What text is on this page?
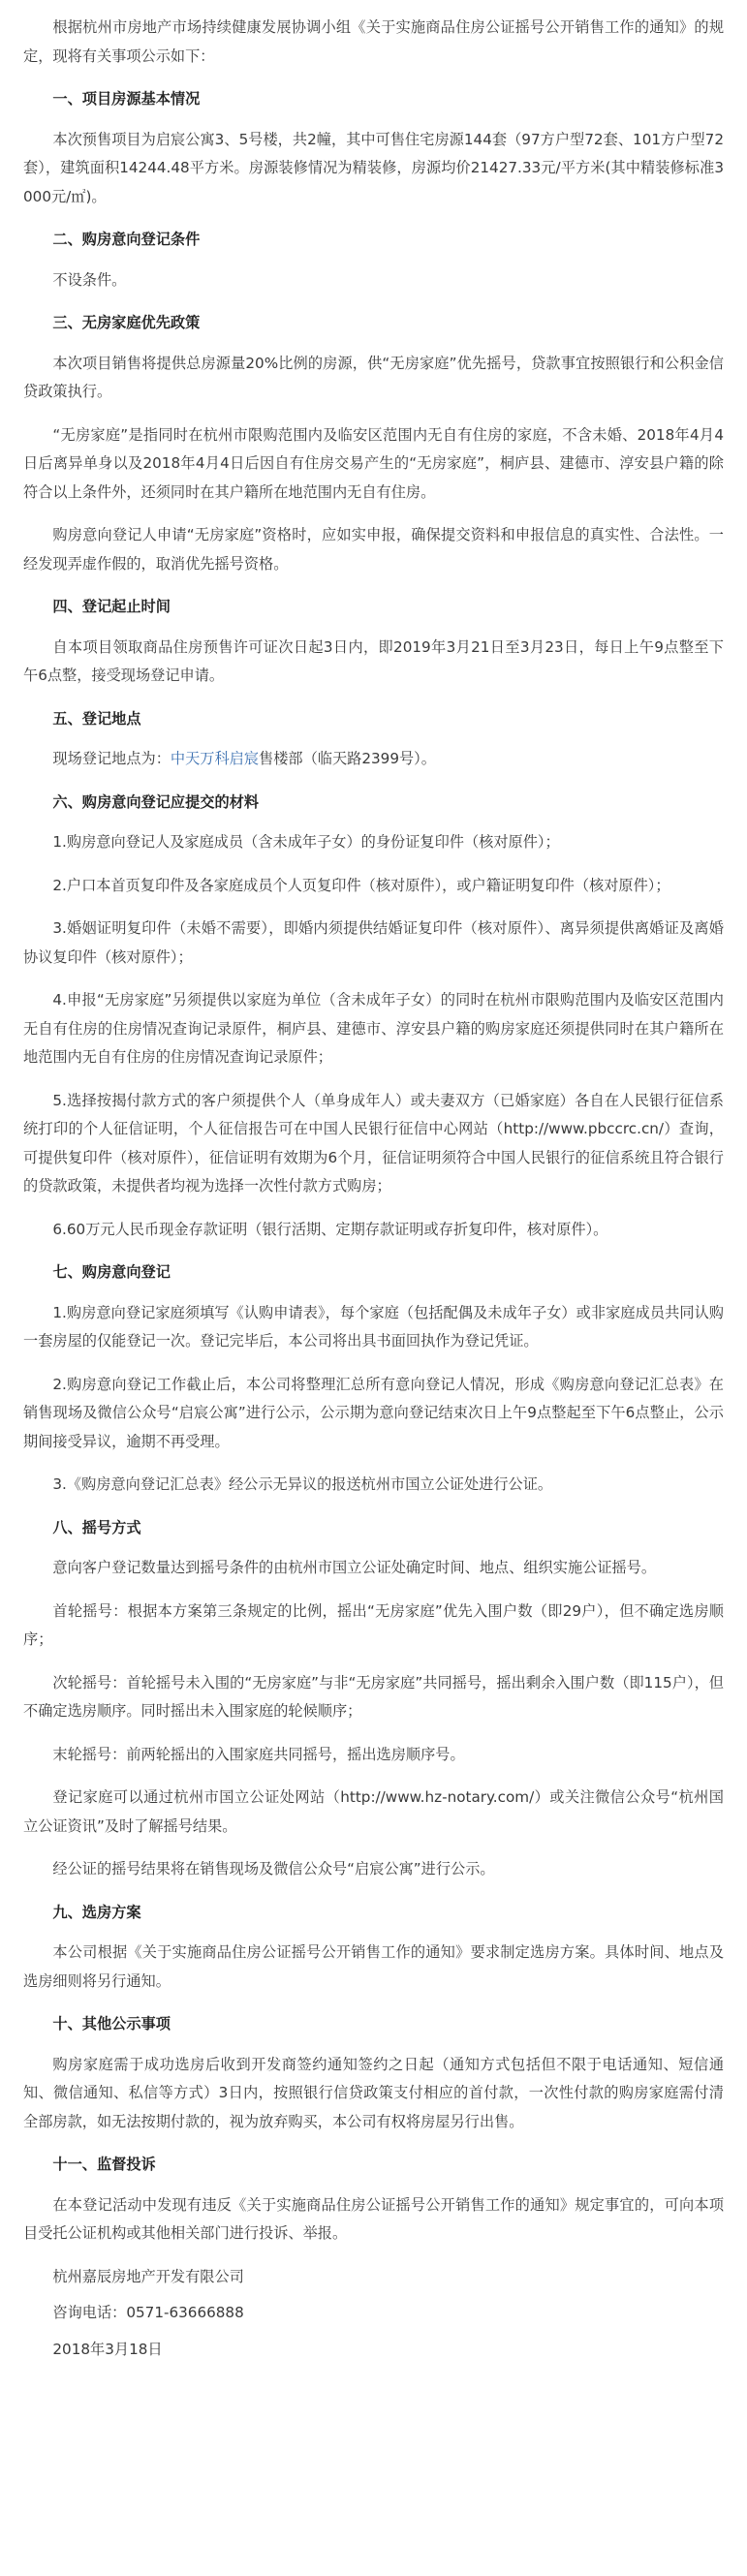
根据杭州市房地产市场持续健康发展协调小组《关于实施商品住房公证摇号公开销售工作的通知》的规定，现将有关事项公示如下：

一、项目房源基本情况

本次预售项目为启宸公寓3、5号楼，共2幢，其中可售住宅房源144套（97方户型72套、101方户型72套），建筑面积14244.48平方米。房源装修情况为精装修，房源均价21427.33元/平方米(其中精装修标准3000元/㎡)。

二、购房意向登记条件

不设条件。

三、无房家庭优先政策

本次项目销售将提供总房源量20%比例的房源，供“无房家庭”优先摇号，贷款事宜按照银行和公积金信贷政策执行。

“无房家庭”是指同时在杭州市限购范围内及临安区范围内无自有住房的家庭，不含未婚、2018年4月4日后离异单身以及2018年4月4日后因自有住房交易产生的“无房家庭”，桐庐县、建德市、淳安县户籍的除符合以上条件外，还须同时在其户籍所在地范围内无自有住房。

购房意向登记人申请“无房家庭”资格时，应如实申报，确保提交资料和申报信息的真实性、合法性。一经发现弄虚作假的，取消优先摇号资格。

四、登记起止时间

自本项目领取商品住房预售许可证次日起3日内，即2019年3月21日至3月23日，每日上午9点整至下午6点整，接受现场登记申请。

五、登记地点

现场登记地点为：中天万科启宸售楼部（临天路2399号）。

六、购房意向登记应提交的材料

1.购房意向登记人及家庭成员（含未成年子女）的身份证复印件（核对原件）；

2.户口本首页复印件及各家庭成员个人页复印件（核对原件），或户籍证明复印件（核对原件）；

3.婚姻证明复印件（未婚不需要），即婚内须提供结婚证复印件（核对原件）、离异须提供离婚证及离婚协议复印件（核对原件）；

4.申报“无房家庭”另须提供以家庭为单位（含未成年子女）的同时在杭州市限购范围内及临安区范围内无自有住房的住房情况查询记录原件，桐庐县、建德市、淳安县户籍的购房家庭还须提供同时在其户籍所在地范围内无自有住房的住房情况查询记录原件；

5.选择按揭付款方式的客户须提供个人（单身成年人）或夫妻双方（已婚家庭）各自在人民银行征信系统打印的个人征信证明，个人征信报告可在中国人民银行征信中心网站（http://www.pbccrc.cn/）查询，可提供复印件（核对原件），征信证明有效期为6个月，征信证明须符合中国人民银行的征信系统且符合银行的贷款政策，未提供者均视为选择一次性付款方式购房；

6.60万元人民币现金存款证明（银行活期、定期存款证明或存折复印件，核对原件）。

七、购房意向登记

1.购房意向登记家庭须填写《认购申请表》，每个家庭（包括配偶及未成年子女）或非家庭成员共同认购一套房屋的仅能登记一次。登记完毕后，本公司将出具书面回执作为登记凭证。

2.购房意向登记工作截止后，本公司将整理汇总所有意向登记人情况，形成《购房意向登记汇总表》在销售现场及微信公众号“启宸公寓”进行公示，公示期为意向登记结束次日上午9点整起至下午6点整止，公示期间接受异议，逾期不再受理。

3.《购房意向登记汇总表》经公示无异议的报送杭州市国立公证处进行公证。

八、摇号方式

意向客户登记数量达到摇号条件的由杭州市国立公证处确定时间、地点、组织实施公证摇号。

首轮摇号：根据本方案第三条规定的比例，摇出“无房家庭”优先入围户数（即29户），但不确定选房顺序；

次轮摇号：首轮摇号未入围的“无房家庭”与非“无房家庭”共同摇号，摇出剩余入围户数（即115户），但不确定选房顺序。同时摇出未入围家庭的轮候顺序；

末轮摇号：前两轮摇出的入围家庭共同摇号，摇出选房顺序号。

登记家庭可以通过杭州市国立公证处网站（http://www.hz-notary.com/）或关注微信公众号“杭州国立公证资讯”及时了解摇号结果。

经公证的摇号结果将在销售现场及微信公众号“启宸公寓”进行公示。

九、选房方案

本公司根据《关于实施商品住房公证摇号公开销售工作的通知》要求制定选房方案。具体时间、地点及选房细则将另行通知。

十、其他公示事项

购房家庭需于成功选房后收到开发商签约通知签约之日起（通知方式包括但不限于电话通知、短信通知、微信通知、私信等方式）3日内，按照银行信贷政策支付相应的首付款，一次性付款的购房家庭需付清全部房款，如无法按期付款的，视为放弃购买，本公司有权将房屋另行出售。

十一、监督投诉

在本登记活动中发现有违反《关于实施商品住房公证摇号公开销售工作的通知》规定事宜的，可向本项目受托公证机构或其他相关部门进行投诉、举报。

杭州嘉辰房地产开发有限公司

咨询电话：0571-63666888

2018年3月18日
